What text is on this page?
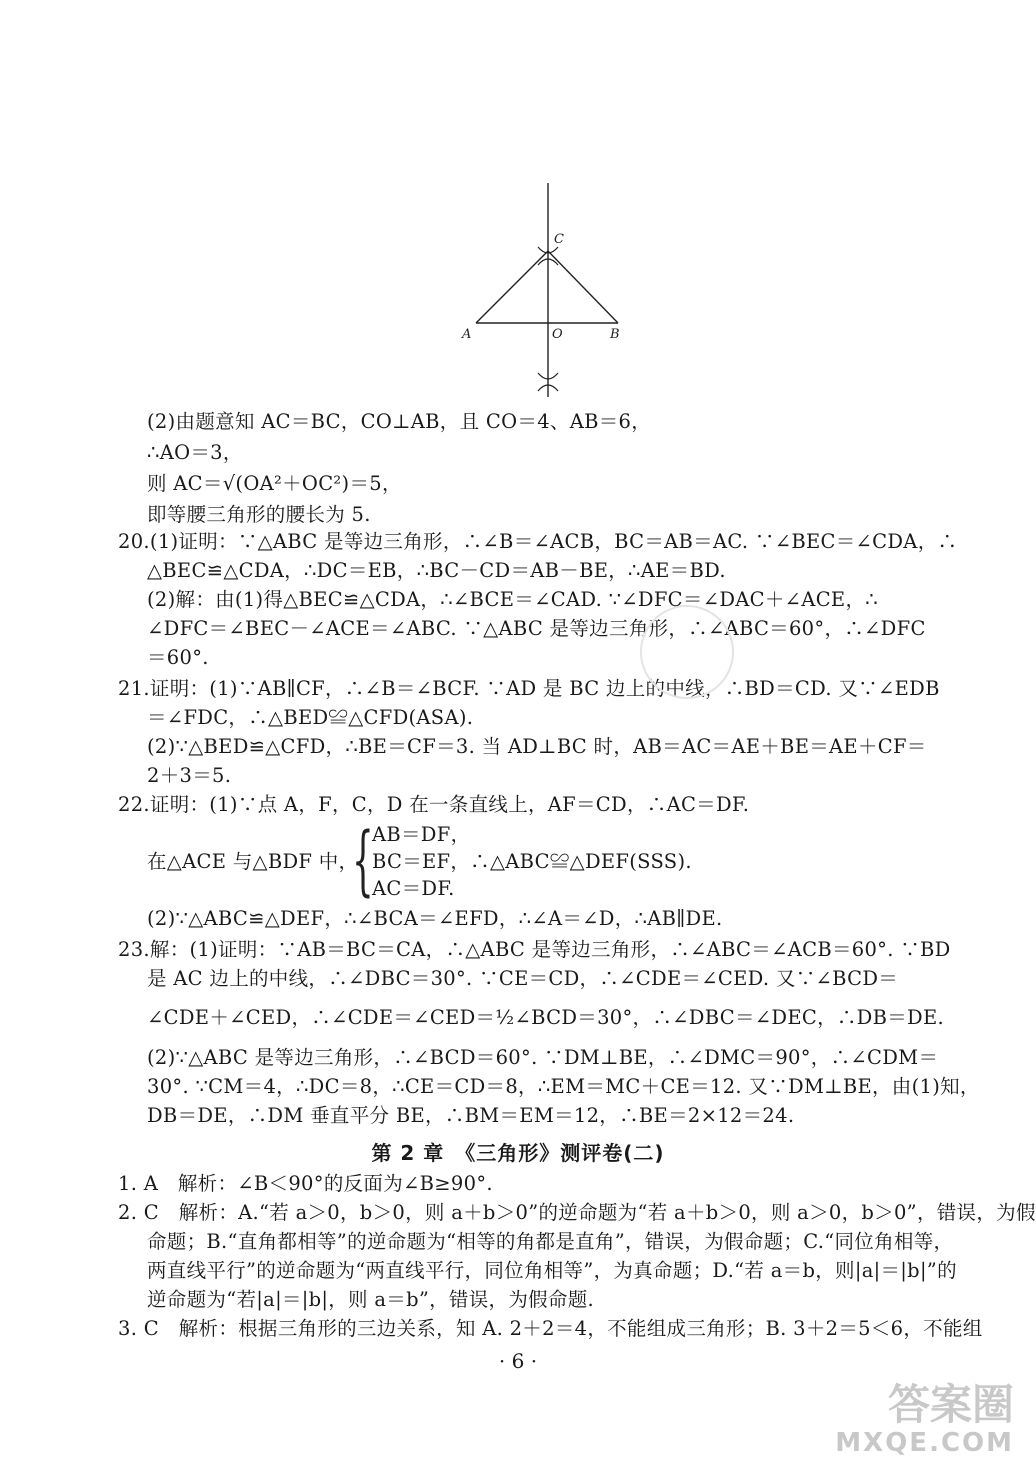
C
A	O	B
(2)由题意知 AC＝BC，CO⊥AB，且 CO＝4、AB＝6，
∴AO＝3，
则 AC＝√(OA²＋OC²)＝5，
即等腰三角形的腰长为 5.
20.(1)证明：∵△ABC 是等边三角形，∴∠B＝∠ACB，BC＝AB＝AC. ∵∠BEC＝∠CDA，∴
△BEC≌△CDA，∴DC＝EB，∴BC－CD＝AB－BE，∴AE＝BD.
(2)解：由(1)得△BEC≌△CDA，∴∠BCE＝∠CAD. ∵∠DFC＝∠DAC＋∠ACE，∴
∠DFC＝∠BEC－∠ACE＝∠ABC. ∵△ABC 是等边三角形，∴∠ABC＝60°，∴∠DFC
＝60°.
21.证明：(1)∵AB∥CF，∴∠B＝∠BCF. ∵AD 是 BC 边上的中线，∴BD＝CD. 又∵∠EDB
＝∠FDC，∴△BED≌△CFD(ASA).
(2)∵△BED≌△CFD，∴BE＝CF＝3. 当 AD⊥BC 时，AB＝AC＝AE＋BE＝AE＋CF＝
2＋3＝5.
22.证明：(1)∵点 A，F，C，D 在一条直线上，AF＝CD，∴AC＝DF.
AB＝DF，
{
在△ACE 与△BDF 中， BC＝EF，∴△ABC≌△DEF(SSS).
AC＝DF.
(2)∵△ABC≌△DEF，∴∠BCA＝∠EFD，∴∠A＝∠D，∴AB∥DE.
23.解：(1)证明：∵AB＝BC＝CA，∴△ABC 是等边三角形，∴∠ABC＝∠ACB＝60°. ∵BD
是 AC 边上的中线，∴∠DBC＝30°. ∵CE＝CD，∴∠CDE＝∠CED. 又∵∠BCD＝
∠CDE＋∠CED，∴∠CDE＝∠CED＝½∠BCD＝30°，∴∠DBC＝∠DEC，∴DB＝DE.
(2)∵△ABC 是等边三角形，∴∠BCD＝60°. ∵DM⊥BE，∴∠DMC＝90°，∴∠CDM＝
30°. ∵CM＝4，∴DC＝8，∴CE＝CD＝8，∴EM＝MC＋CE＝12. 又∵DM⊥BE，由(1)知，
DB＝DE，∴DM 垂直平分 BE，∴BM＝EM＝12，∴BE＝2×12＝24.
第 2 章　《三角形》测评卷(二)
1. A　解析：∠B＜90°的反面为∠B≥90°.
2. C　解析：A.“若 a＞0，b＞0，则 a＋b＞0”的逆命题为“若 a＋b＞0，则 a＞0，b＞0”，错误，为假
命题；B.“直角都相等”的逆命题为“相等的角都是直角”，错误，为假命题；C.“同位角相等，
两直线平行”的逆命题为“两直线平行，同位角相等”，为真命题；D.“若 a＝b，则|a|＝|b|”的
逆命题为“若|a|＝|b|，则 a＝b”，错误，为假命题.
3. C　解析：根据三角形的三边关系，知 A. 2＋2＝4，不能组成三角形；B. 3＋2＝5＜6，不能组
· 6 ·
答案圈
MXQE.COM
